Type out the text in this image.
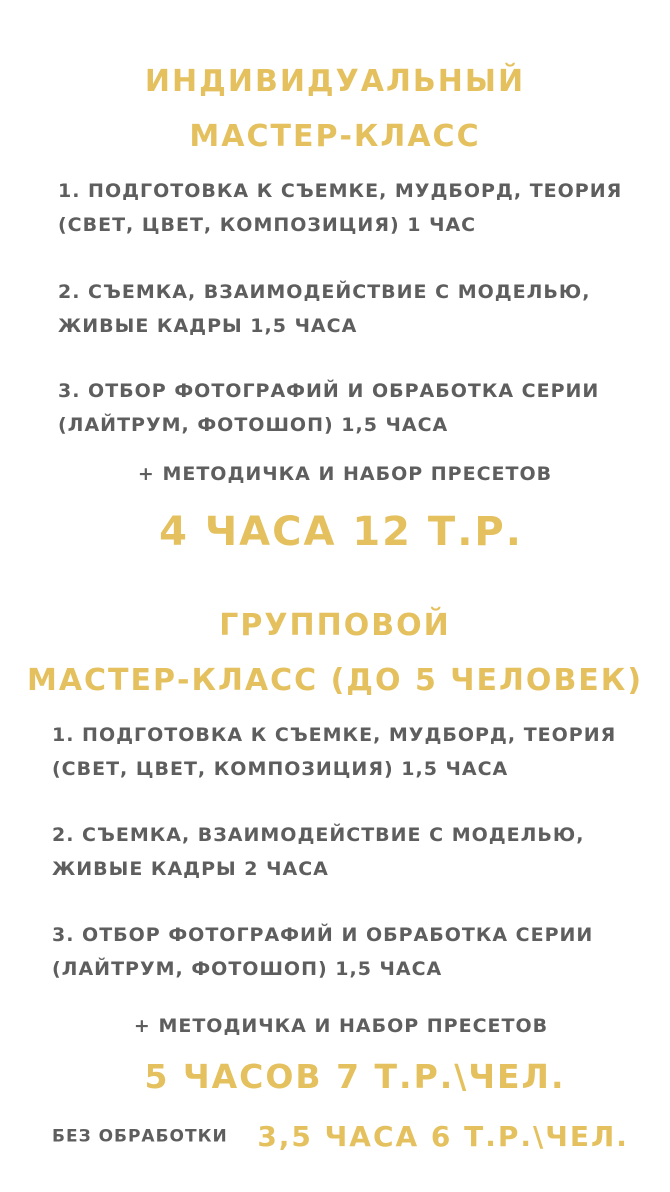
ИНДИВИДУАЛЬНЫЙ
МАСТЕР-КЛАСС
1. ПОДГОТОВКА К СЪЕМКЕ, МУДБОРД, ТЕОРИЯ
(СВЕТ, ЦВЕТ, КОМПОЗИЦИЯ) 1 ЧАС
2. СЪЕМКА, ВЗАИМОДЕЙСТВИЕ С МОДЕЛЬЮ,
ЖИВЫЕ КАДРЫ 1,5 ЧАСА
3. ОТБОР ФОТОГРАФИЙ И ОБРАБОТКА СЕРИИ
(ЛАЙТРУМ, ФОТОШОП) 1,5 ЧАСА
+ МЕТОДИЧКА И НАБОР ПРЕСЕТОВ
4 ЧАСА 12 Т.Р.
ГРУППОВОЙ
МАСТЕР-КЛАСС (ДО 5 ЧЕЛОВЕК)
1. ПОДГОТОВКА К СЪЕМКЕ, МУДБОРД, ТЕОРИЯ
(СВЕТ, ЦВЕТ, КОМПОЗИЦИЯ) 1,5 ЧАСА
2. СЪЕМКА, ВЗАИМОДЕЙСТВИЕ С МОДЕЛЬЮ,
ЖИВЫЕ КАДРЫ 2 ЧАСА
3. ОТБОР ФОТОГРАФИЙ И ОБРАБОТКА СЕРИИ
(ЛАЙТРУМ, ФОТОШОП) 1,5 ЧАСА
+ МЕТОДИЧКА И НАБОР ПРЕСЕТОВ
5 ЧАСОВ 7 Т.Р.\ЧЕЛ.
БЕЗ ОБРАБОТКИ 3,5 ЧАСА 6 Т.Р.\ЧЕЛ.
